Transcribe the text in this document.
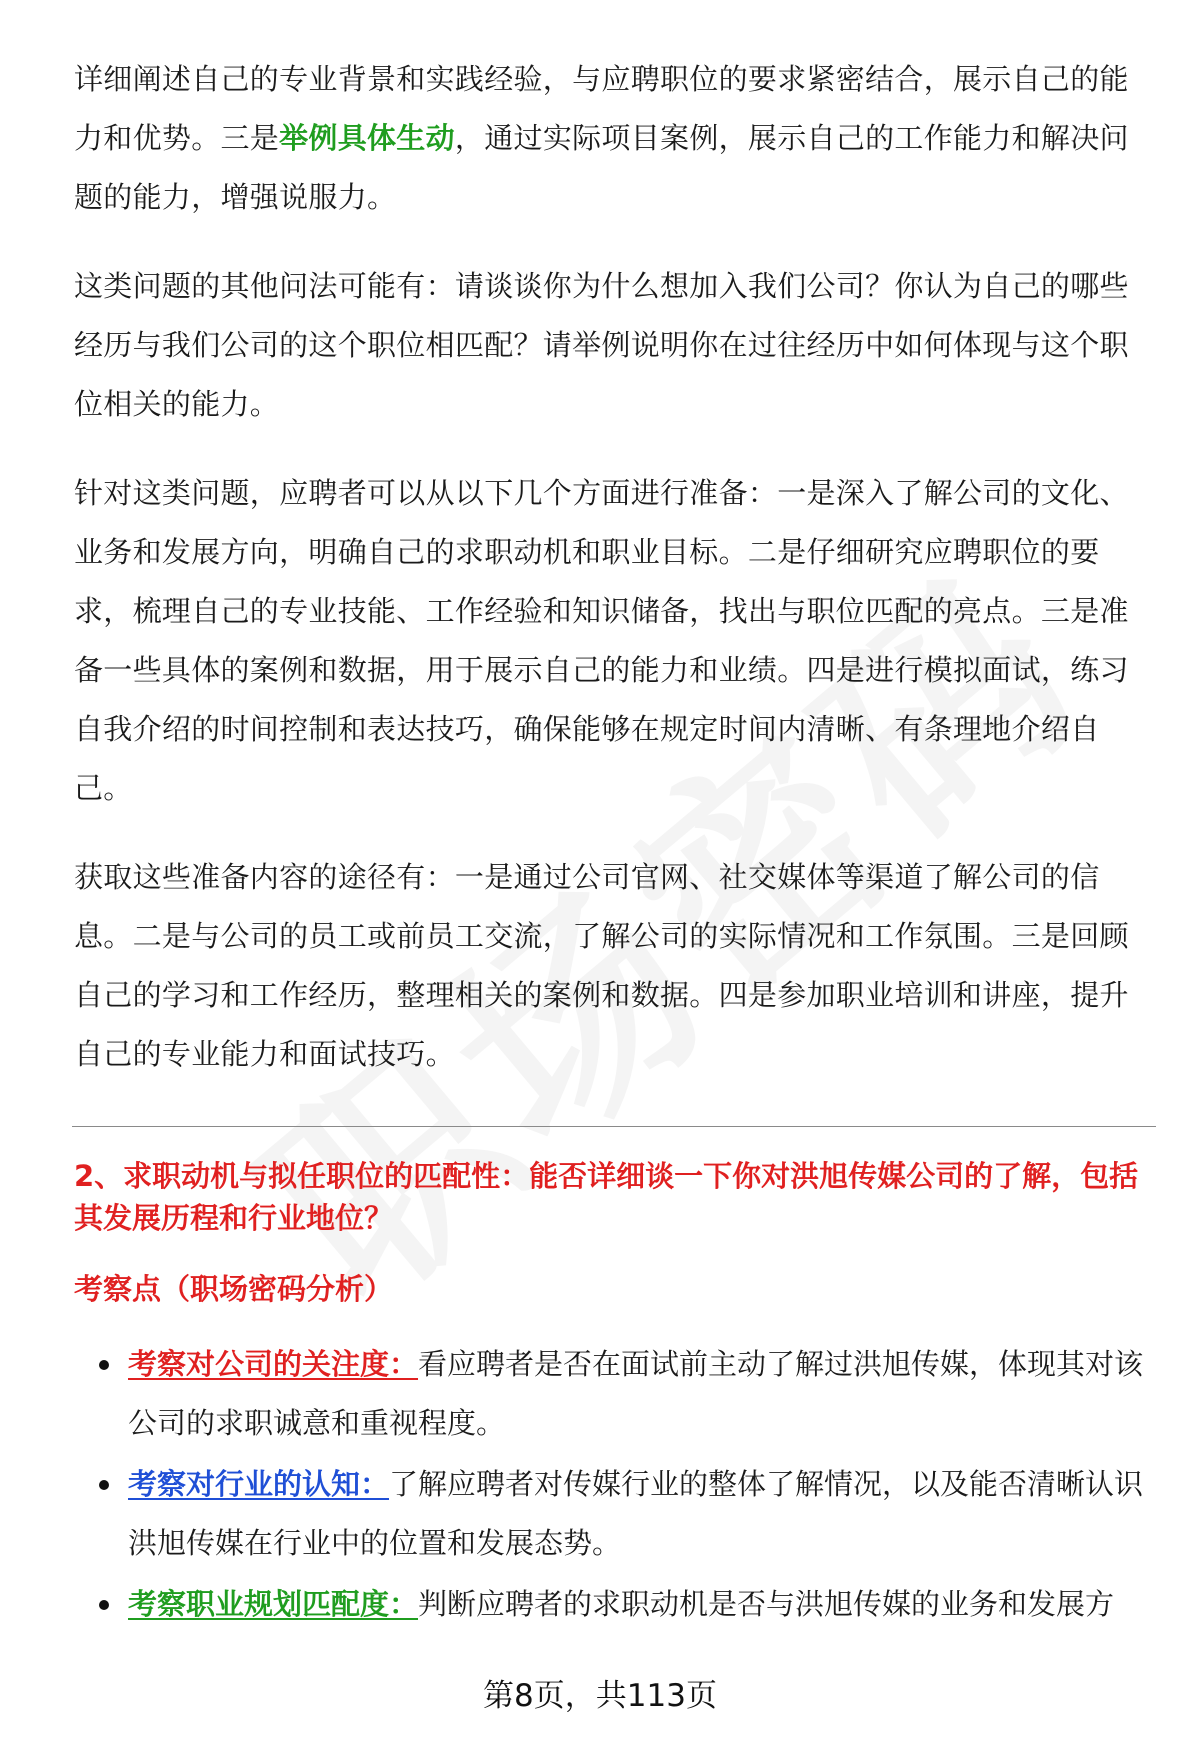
详细阐述自己的专业背景和实践经验，与应聘职位的要求紧密结合，展示自己的能力和优势。三是举例具体生动，通过实际项目案例，展示自己的工作能力和解决问题的能力，增强说服力。

这类问题的其他问法可能有：请谈谈你为什么想加入我们公司？你认为自己的哪些经历与我们公司的这个职位相匹配？请举例说明你在过往经历中如何体现与这个职位相关的能力。

针对这类问题，应聘者可以从以下几个方面进行准备：一是深入了解公司的文化、业务和发展方向，明确自己的求职动机和职业目标。二是仔细研究应聘职位的要求，梳理自己的专业技能、工作经验和知识储备，找出与职位匹配的亮点。三是准备一些具体的案例和数据，用于展示自己的能力和业绩。四是进行模拟面试，练习自我介绍的时间控制和表达技巧，确保能够在规定时间内清晰、有条理地介绍自己。

获取这些准备内容的途径有：一是通过公司官网、社交媒体等渠道了解公司的信息。二是与公司的员工或前员工交流，了解公司的实际情况和工作氛围。三是回顾自己的学习和工作经历，整理相关的案例和数据。四是参加职业培训和讲座，提升自己的专业能力和面试技巧。

2、求职动机与拟任职位的匹配性：能否详细谈一下你对洪旭传媒公司的了解，包括其发展历程和行业地位？

考察点（职场密码分析）

考察对公司的关注度：看应聘者是否在面试前主动了解过洪旭传媒，体现其对该公司的求职诚意和重视程度。
考察对行业的认知：了解应聘者对传媒行业的整体了解情况，以及能否清晰认识洪旭传媒在行业中的位置和发展态势。
考察职业规划匹配度：判断应聘者的求职动机是否与洪旭传媒的业务和发展方
第8页，共113页
